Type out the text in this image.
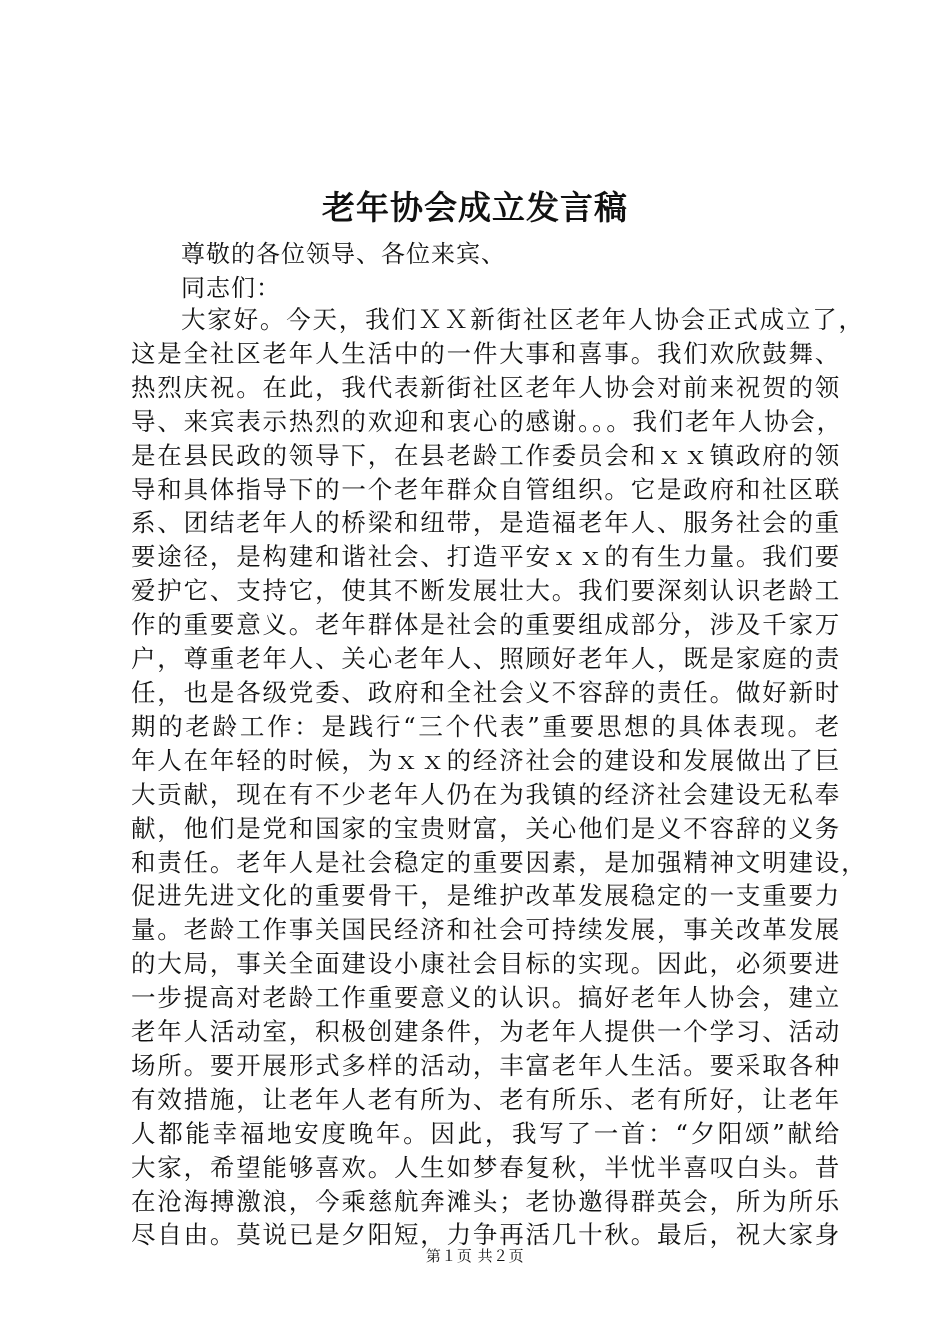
老年协会成立发言稿
尊敬的各位领导、各位来宾、
同志们：
大家好。今天，我们ＸＸ新街社区老年人协会正式成立了，
这是全社区老年人生活中的一件大事和喜事。我们欢欣鼓舞、
热烈庆祝。在此，我代表新街社区老年人协会对前来祝贺的领
导、来宾表示热烈的欢迎和衷心的感谢。。。我们老年人协会，
是在县民政的领导下，在县老龄工作委员会和ｘｘ镇政府的领
导和具体指导下的一个老年群众自管组织。它是政府和社区联
系、团结老年人的桥梁和纽带，是造福老年人、服务社会的重
要途径，是构建和谐社会、打造平安ｘｘ的有生力量。我们要
爱护它、支持它，使其不断发展壮大。我们要深刻认识老龄工
作的重要意义。老年群体是社会的重要组成部分，涉及千家万
户，尊重老年人、关心老年人、照顾好老年人，既是家庭的责
任，也是各级党委、政府和全社会义不容辞的责任。做好新时
期的老龄工作：是践行“三个代表”重要思想的具体表现。老
年人在年轻的时候，为ｘｘ的经济社会的建设和发展做出了巨
大贡献，现在有不少老年人仍在为我镇的经济社会建设无私奉
献，他们是党和国家的宝贵财富，关心他们是义不容辞的义务
和责任。老年人是社会稳定的重要因素，是加强精神文明建设，
促进先进文化的重要骨干，是维护改革发展稳定的一支重要力
量。老龄工作事关国民经济和社会可持续发展，事关改革发展
的大局，事关全面建设小康社会目标的实现。因此，必须要进
一步提高对老龄工作重要意义的认识。搞好老年人协会，建立
老年人活动室，积极创建条件，为老年人提供一个学习、活动
场所。要开展形式多样的活动，丰富老年人生活。要采取各种
有效措施，让老年人老有所为、老有所乐、老有所好，让老年
人都能幸福地安度晚年。因此，我写了一首：“夕阳颂”献给
大家，希望能够喜欢。人生如梦春复秋，半忧半喜叹白头。昔
在沧海搏激浪，今乘慈航奔滩头；老协邀得群英会，所为所乐
尽自由。莫说已是夕阳短，力争再活几十秋。最后，祝大家身
第１页 共２页
